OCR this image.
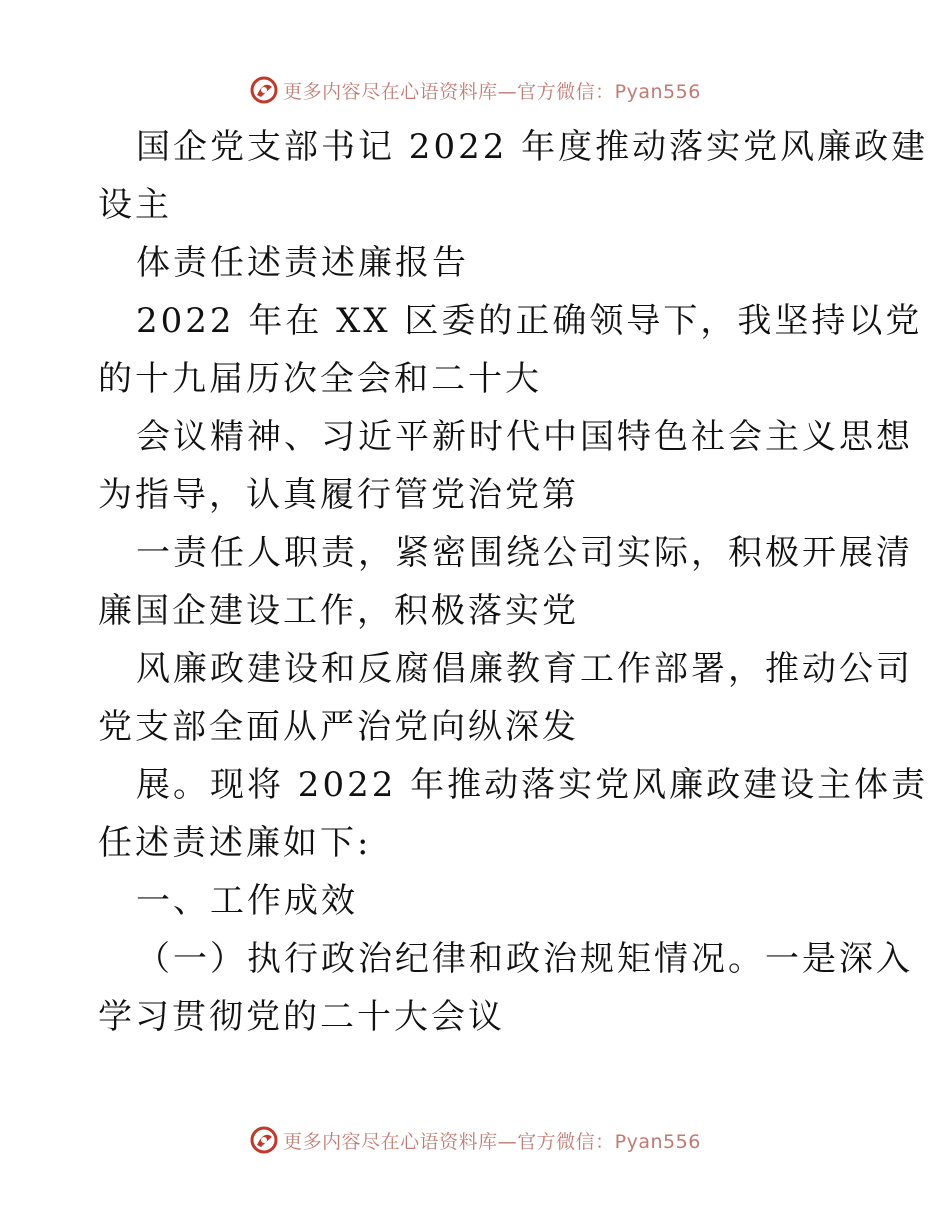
更多内容尽在心语资料库—官方微信：Pyan556
国企党支部书记 2022 年度推动落实党风廉政建
设主
体责任述责述廉报告
2022 年在 XX 区委的正确领导下，我坚持以党
的十九届历次全会和二十大
会议精神、习近平新时代中国特色社会主义思想
为指导，认真履行管党治党第
一责任人职责，紧密围绕公司实际，积极开展清
廉国企建设工作，积极落实党
风廉政建设和反腐倡廉教育工作部署，推动公司
党支部全面从严治党向纵深发
展。现将 2022 年推动落实党风廉政建设主体责
任述责述廉如下:
一、工作成效
（一）执行政治纪律和政治规矩情况。一是深入
学习贯彻党的二十大会议
更多内容尽在心语资料库—官方微信：Pyan556
